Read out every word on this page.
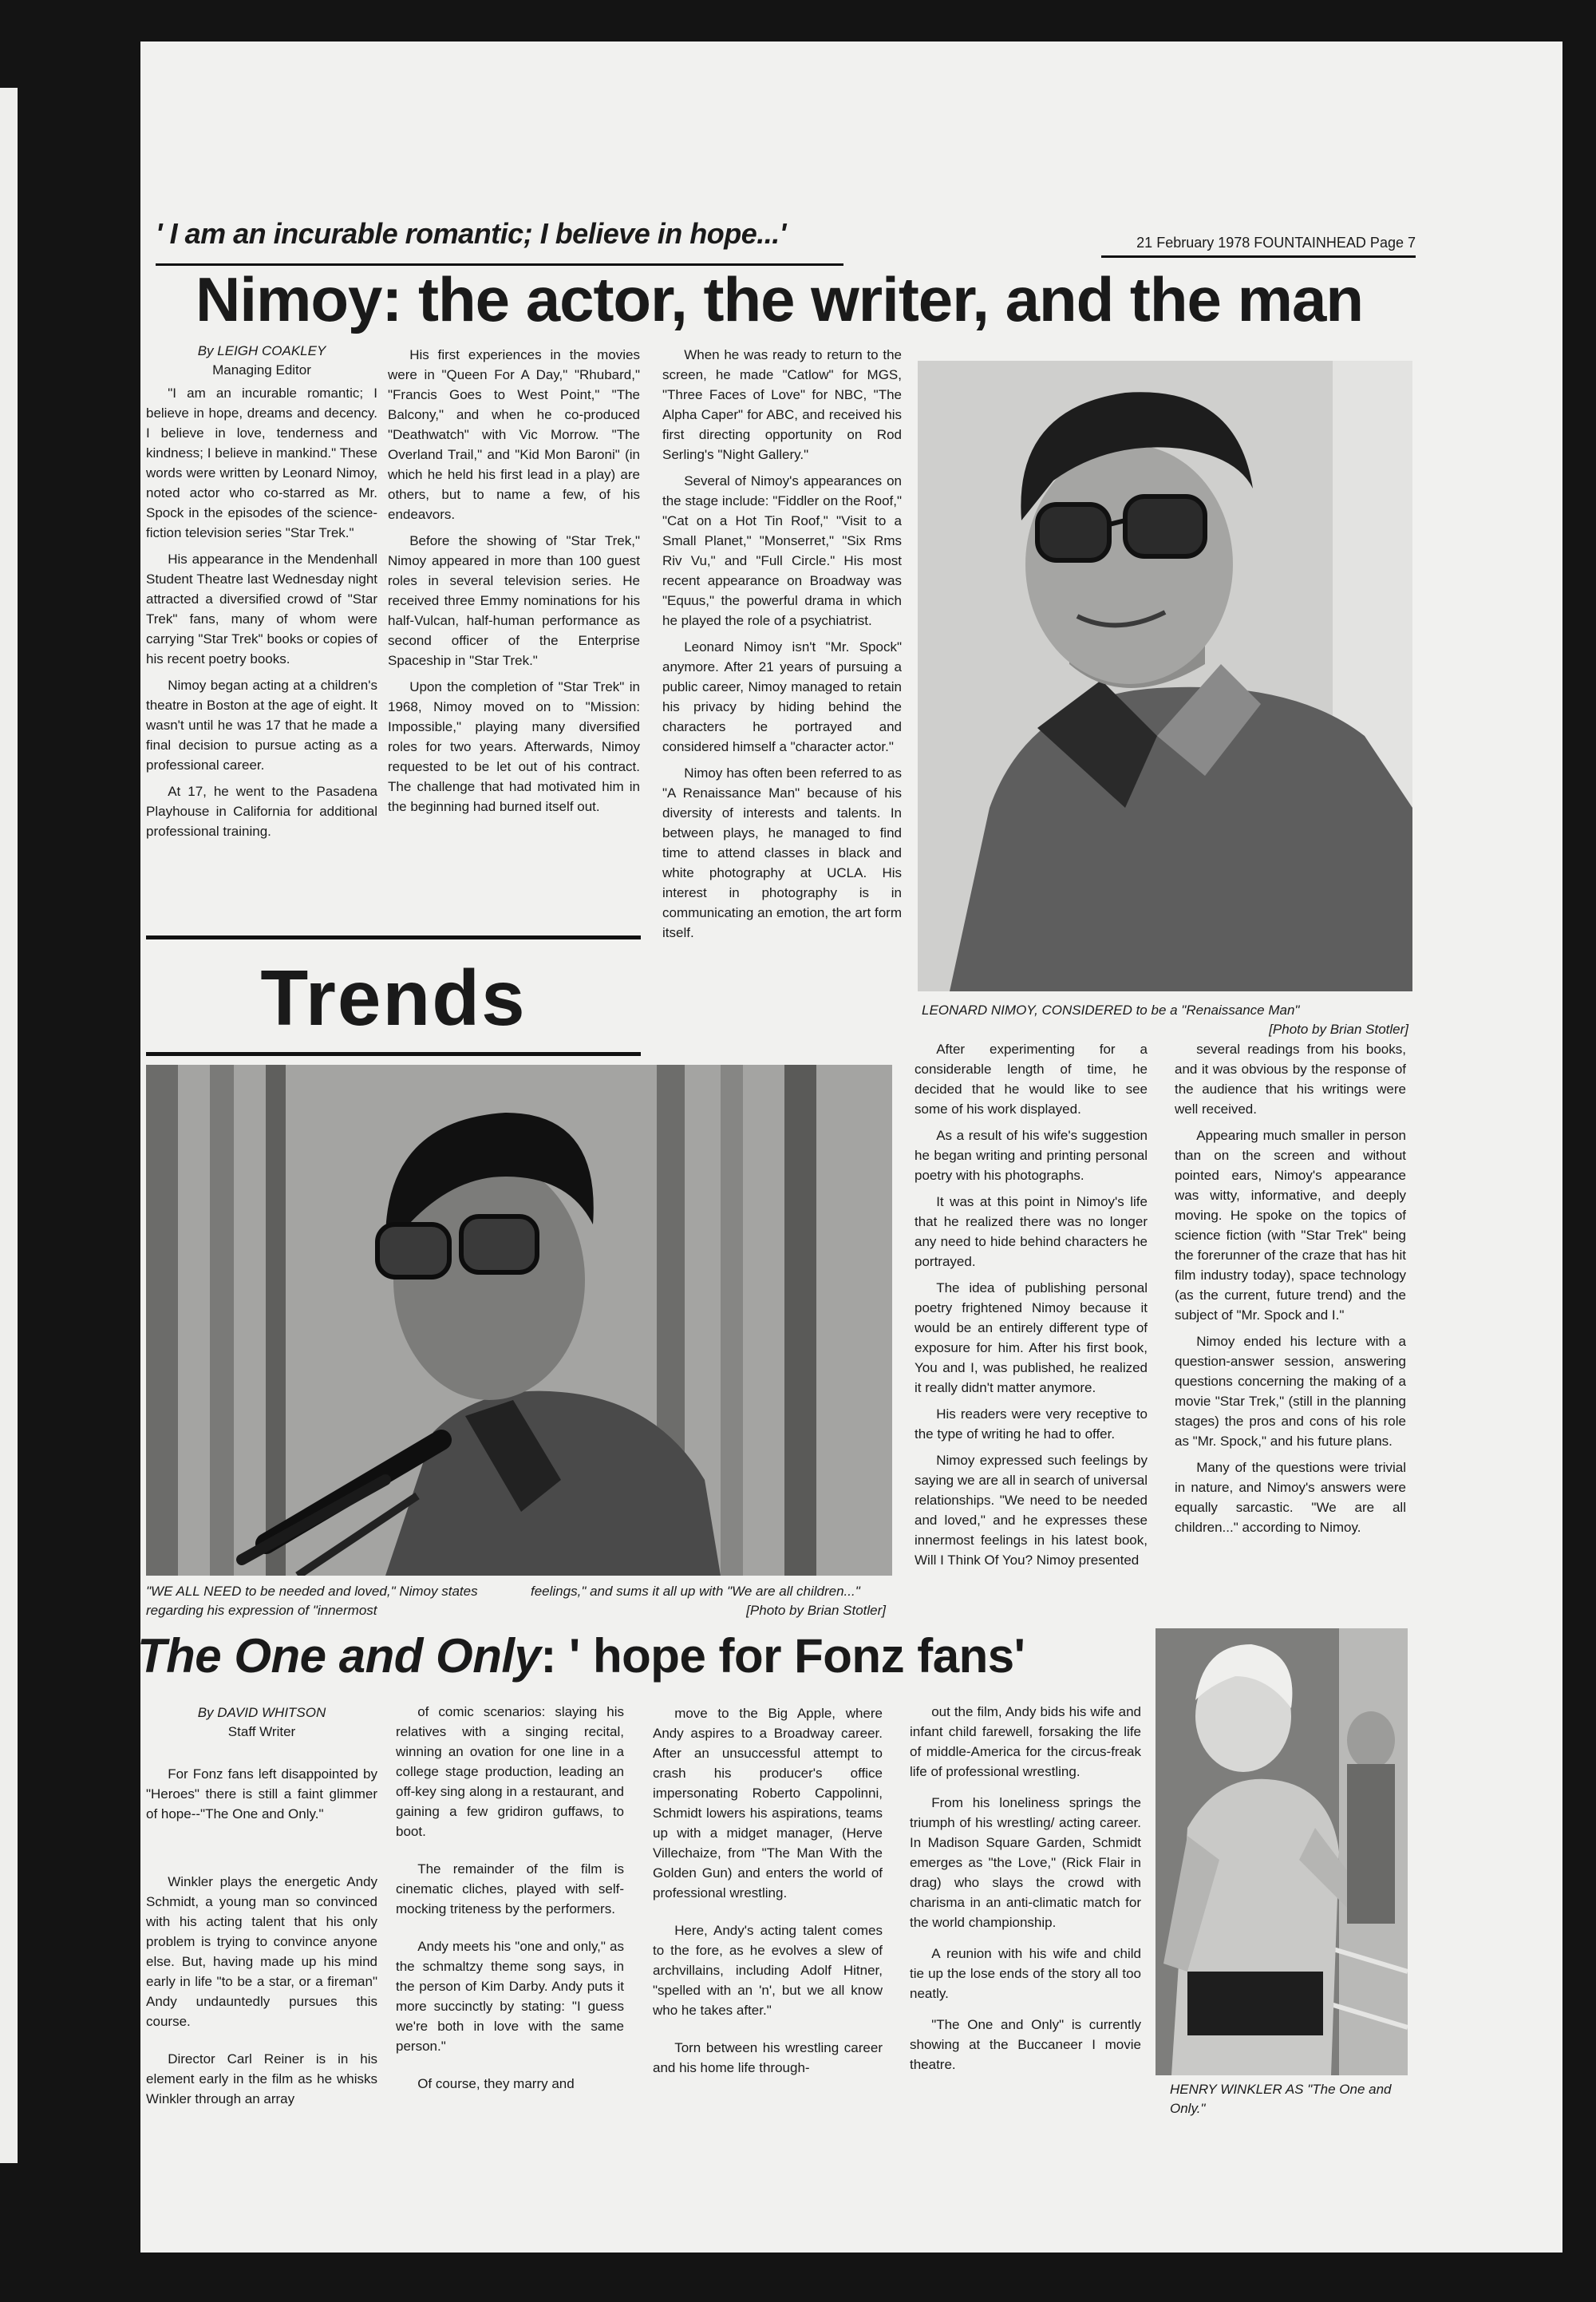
' I am an incurable romantic; I believe in hope...'	21 February 1978 FOUNTAINHEAD Page 7
Nimoy: the actor, the writer, and the man
By LEIGH COAKLEY
Managing Editor

"I am an incurable romantic; I believe in hope, dreams and decency. I believe in love, tenderness and kindness; I believe in mankind." These words were written by Leonard Nimoy, noted actor who co-starred as Mr. Spock in the episodes of the science-fiction television series "Star Trek."

His appearance in the Mendenhall Student Theatre last Wednesday night attracted a diversified crowd of "Star Trek" fans, many of whom were carrying "Star Trek" books or copies of his recent poetry books.

Nimoy began acting at a children's theatre in Boston at the age of eight. It wasn't until he was 17 that he made a final decision to pursue acting as a professional career.

At 17, he went to the Pasadena Playhouse in California for additional professional training.

His first experiences in the movies were in "Queen For A Day," "Rhubard," "Francis Goes to West Point," "The Balcony," and when he co-produced "Deathwatch" with Vic Morrow. "The Overland Trail," and "Kid Mon Baroni" (in which he held his first lead in a play) are others, but to name a few, of his endeavors.

Before the showing of "Star Trek," Nimoy appeared in more than 100 guest roles in several television series. He received three Emmy nominations for his half-Vulcan, half-human performance as second officer of the Enterprise Spaceship in "Star Trek."

Upon the completion of "Star Trek" in 1968, Nimoy moved on to "Mission: Impossible," playing many diversified roles for two years. Afterwards, Nimoy requested to be let out of his contract. The challenge that had motivated him in the beginning had burned itself out.

Trends

When he was ready to return to the screen, he made "Catlow" for MGS, "Three Faces of Love" for NBC, "The Alpha Caper" for ABC, and received his first directing opportunity on Rod Serling's "Night Gallery."

Several of Nimoy's appearances on the stage include: "Fiddler on the Roof," "Cat on a Hot Tin Roof," "Visit to a Small Planet," "Monserret," "Six Rms Riv Vu," and "Full Circle." His most recent appearance on Broadway was "Equus," the powerful drama in which he played the role of a psychiatrist.

Leonard Nimoy isn't "Mr. Spock" anymore. After 21 years of pursuing a public career, Nimoy managed to retain his privacy by hiding behind the characters he portrayed and considered himself a "character actor."

Nimoy has often been referred to as "A Renaissance Man" because of his diversity of interests and talents. In between plays, he managed to find time to attend classes in black and white photography at UCLA. His interest in photography is in communicating an emotion, the art form itself.

LEONARD NIMOY, CONSIDERED to be a "Renaissance Man"
[Photo by Brian Stotler]
"WE ALL NEED to be needed and loved," Nimoy states regarding his expression of "innermost
feelings," and sums it all up with "We are all children..."
[Photo by Brian Stotler]

After experimenting for a considerable length of time, he decided that he would like to see some of his work displayed.

As a result of his wife's suggestion he began writing and printing personal poetry with his photographs.

It was at this point in Nimoy's life that he realized there was no longer any need to hide behind characters he portrayed.

The idea of publishing personal poetry frightened Nimoy because it would be an entirely different type of exposure for him. After his first book, You and I, was published, he realized it really didn't matter anymore.

His readers were very receptive to the type of writing he had to offer.

Nimoy expressed such feelings by saying we are all in search of universal relationships. "We need to be needed and loved," and he expresses these innermost feelings in his latest book, Will I Think Of You? Nimoy presented

several readings from his books, and it was obvious by the response of the audience that his writings were well received.

Appearing much smaller in person than on the screen and without pointed ears, Nimoy's appearance was witty, informative, and deeply moving. He spoke on the topics of science fiction (with "Star Trek" being the forerunner of the craze that has hit film industry today), space technology (as the current, future trend) and the subject of "Mr. Spock and I."

Nimoy ended his lecture with a question-answer session, answering questions concerning the making of a movie "Star Trek," (still in the planning stages) the pros and cons of his role as "Mr. Spock," and his future plans.

Many of the questions were trivial in nature, and Nimoy's answers were equally sarcastic. "We are all children..." according to Nimoy.

The One and Only: ' hope for Fonz fans'
By DAVID WHITSON
Staff Writer

For Fonz fans left disappointed by "Heroes" there is still a faint glimmer of hope--"The One and Only."

Winkler plays the energetic Andy Schmidt, a young man so convinced with his acting talent that his only problem is trying to convince anyone else. But, having made up his mind early in life "to be a star, or a fireman" Andy undauntedly pursues this course.

Director Carl Reiner is in his element early in the film as he whisks Winkler through an array

of comic scenarios: slaying his relatives with a singing recital, winning an ovation for one line in a college stage production, leading an off-key sing along in a restaurant, and gaining a few gridiron guffaws, to boot.

The remainder of the film is cinematic cliches, played with self-mocking triteness by the performers.

Andy meets his "one and only," as the schmaltzy theme song says, in the person of Kim Darby. Andy puts it more succinctly by stating: "I guess we're both in love with the same person."

Of course, they marry and

move to the Big Apple, where Andy aspires to a Broadway career. After an unsuccessful attempt to crash his producer's office impersonating Roberto Cappolinni, Schmidt lowers his aspirations, teams up with a midget manager, (Herve Villechaize, from "The Man With the Golden Gun) and enters the world of professional wrestling.

Here, Andy's acting talent comes to the fore, as he evolves a slew of archvillains, including Adolf Hitner, "spelled with an 'n', but we all know who he takes after."

Torn between his wrestling career and his home life through-

out the film, Andy bids his wife and infant child farewell, forsaking the life of middle-America for the circus-freak life of professional wrestling.

From his loneliness springs the triumph of his wrestling/ acting career. In Madison Square Garden, Schmidt emerges as "the Love," (Rick Flair in drag) who slays the crowd with charisma in an anti-climatic match for the world championship.

A reunion with his wife and child tie up the lose ends of the story all too neatly.

"The One and Only" is currently showing at the Buccaneer I movie theatre.

HENRY WINKLER AS "The One and Only."
